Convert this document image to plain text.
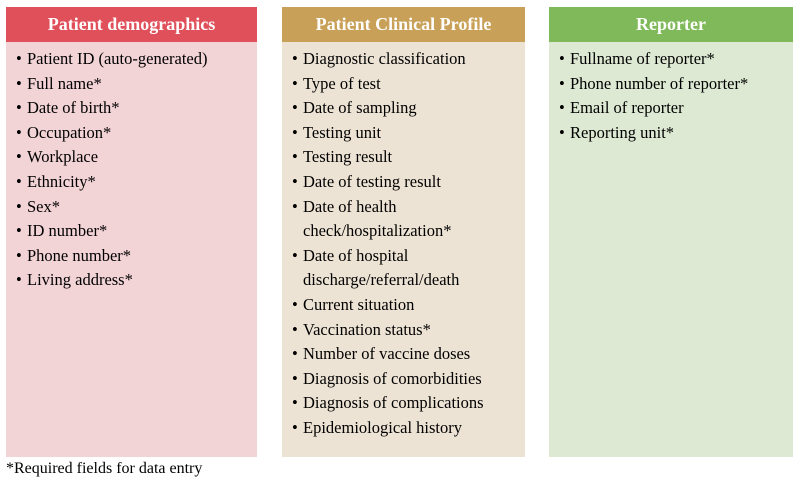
Patient demographics
• Patient ID (auto-generated)
• Full name*
• Date of birth*
• Occupation*
• Workplace
• Ethnicity*
• Sex*
• ID number*
• Phone number*
• Living address*
Patient Clinical Profile
• Diagnostic classification
• Type of test
• Date of sampling
• Testing unit
• Testing result
• Date of testing result
• Date of health
check/hospitalization*
• Date of hospital
discharge/referral/death
• Current situation
• Vaccination status*
• Number of vaccine doses
• Diagnosis of comorbidities
• Diagnosis of complications
• Epidemiological history
Reporter
• Fullname of reporter*
• Phone number of reporter*
• Email of reporter
• Reporting unit*
*Required fields for data entry
